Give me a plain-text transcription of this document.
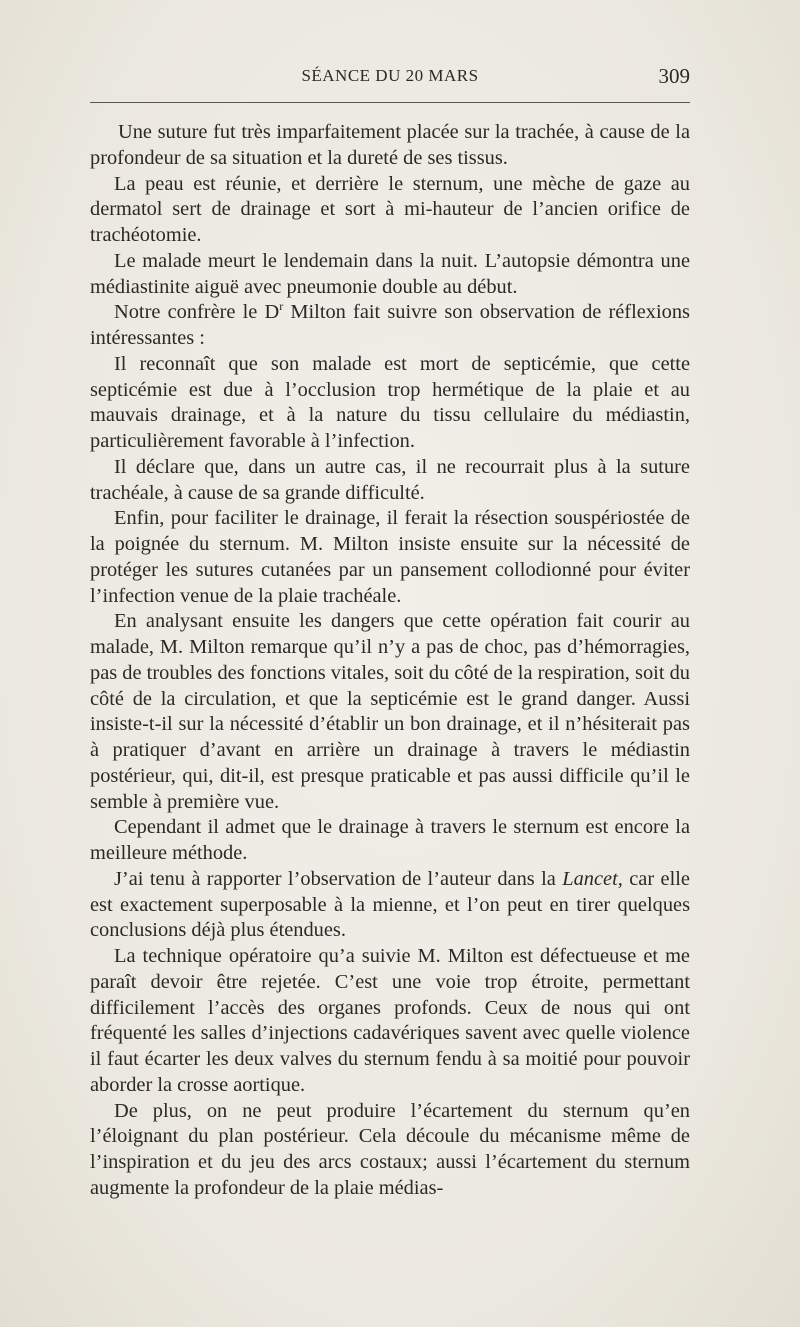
SÉANCE DU 20 MARS	309

Une suture fut très imparfaitement placée sur la trachée, à cause de la profondeur de sa situation et la dureté de ses tissus.

La peau est réunie, et derrière le sternum, une mèche de gaze au dermatol sert de drainage et sort à mi-hauteur de l’ancien orifice de trachéotomie.

Le malade meurt le lendemain dans la nuit. L’autopsie démontra une médiastinite aiguë avec pneumonie double au début.

Notre confrère le $D^r$ Milton fait suivre son observation de réflexions intéressantes :

Il reconnaît que son malade est mort de septicémie, que cette septicémie est due à l’occlusion trop hermétique de la plaie et au mauvais drainage, et à la nature du tissu cellulaire du médiastin, particulièrement favorable à l’infection.

Il déclare que, dans un autre cas, il ne recourrait plus à la suture trachéale, à cause de sa grande difficulté.

Enfin, pour faciliter le drainage, il ferait la résection souspériostée de la poignée du sternum. M. Milton insiste ensuite sur la nécessité de protéger les sutures cutanées par un pansement collodionné pour éviter l’infection venue de la plaie trachéale.

En analysant ensuite les dangers que cette opération fait courir au malade, M. Milton remarque qu’il n’y a pas de choc, pas d’hémorragies, pas de troubles des fonctions vitales, soit du côté de la respiration, soit du côté de la circulation, et que la septicémie est le grand danger. Aussi insiste-t-il sur la nécessité d’établir un bon drainage, et il n’hésiterait pas à pratiquer d’avant en arrière un drainage à travers le médiastin postérieur, qui, dit-il, est presque praticable et pas aussi difficile qu’il le semble à première vue.

Cependant il admet que le drainage à travers le sternum est encore la meilleure méthode.

J’ai tenu à rapporter l’observation de l’auteur dans la Lancet, car elle est exactement superposable à la mienne, et l’on peut en tirer quelques conclusions déjà plus étendues.

La technique opératoire qu’a suivie M. Milton est défectueuse et me paraît devoir être rejetée. C’est une voie trop étroite, permettant difficilement l’accès des organes profonds. Ceux de nous qui ont fréquenté les salles d’injections cadavériques savent avec quelle violence il faut écarter les deux valves du sternum fendu à sa moitié pour pouvoir aborder la crosse aortique.

De plus, on ne peut produire l’écartement du sternum qu’en l’éloignant du plan postérieur. Cela découle du mécanisme même de l’inspiration et du jeu des arcs costaux; aussi l’écartement du sternum augmente la profondeur de la plaie médias-
